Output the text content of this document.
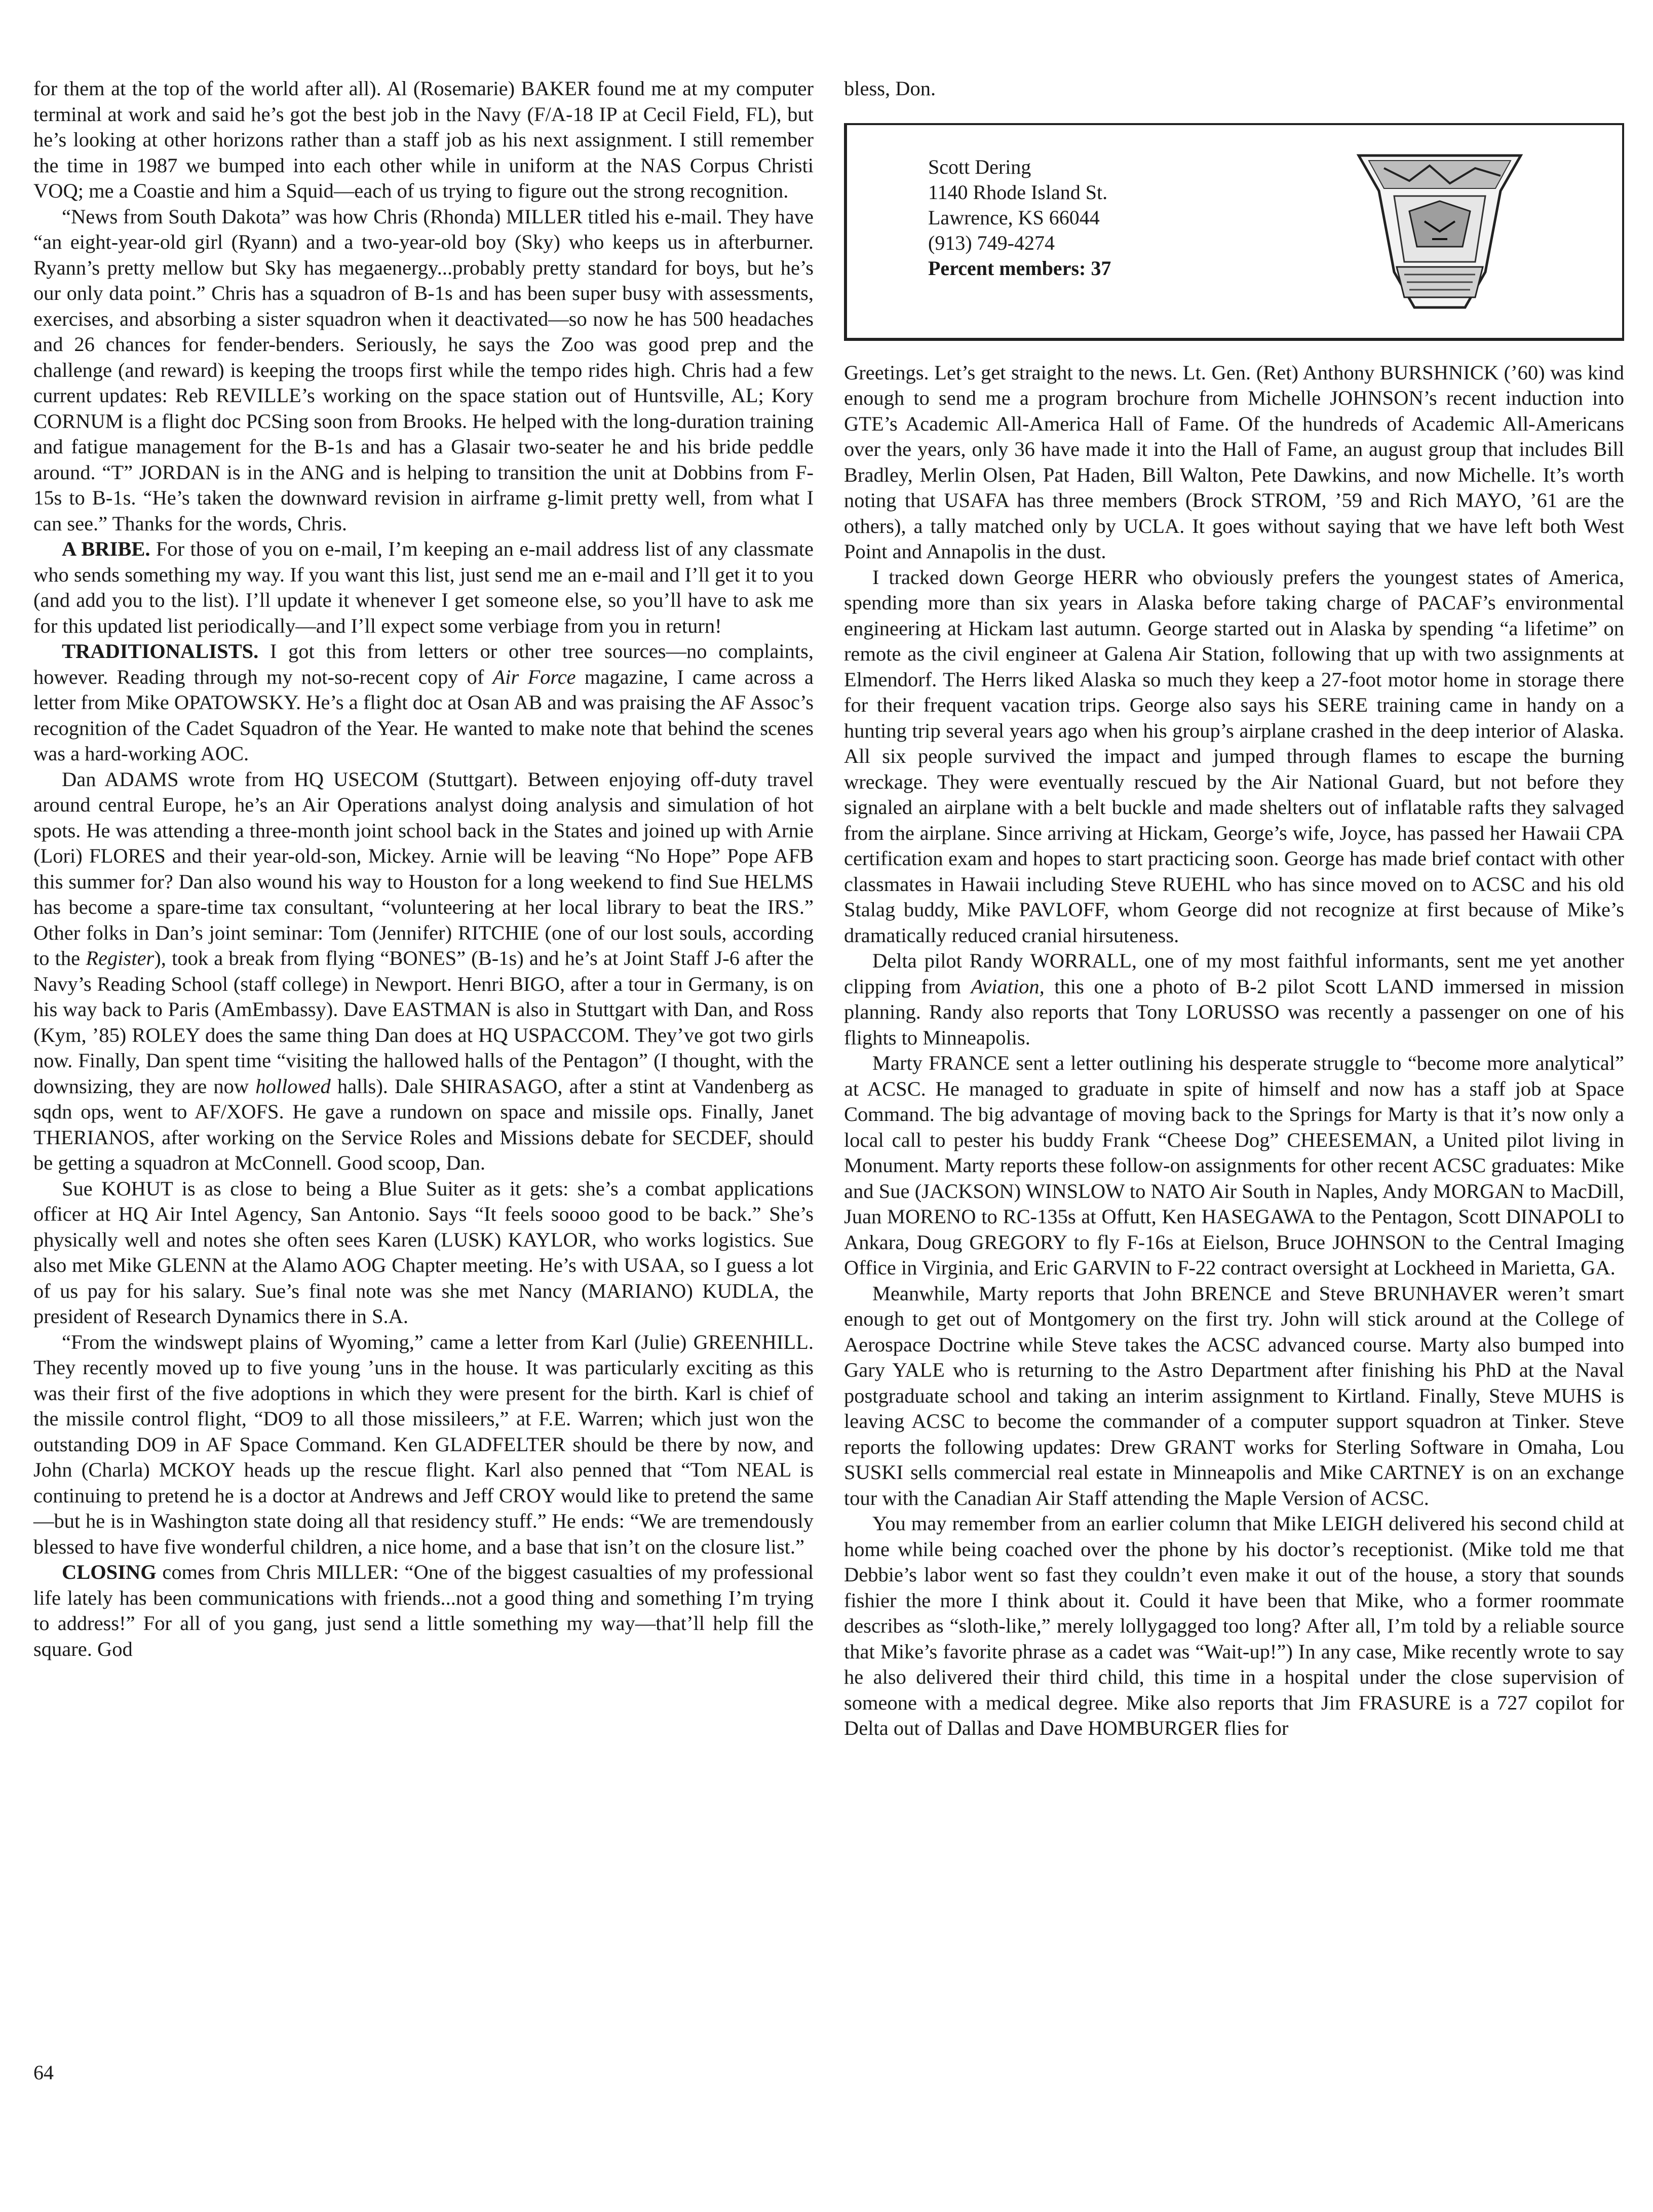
for them at the top of the world after all). Al (Rosemarie) BAKER found me at my computer terminal at work and said he’s got the best job in the Navy (F/A-18 IP at Cecil Field, FL), but he’s looking at other horizons rather than a staff job as his next assignment. I still remember the time in 1987 we bumped into each other while in uniform at the NAS Corpus Christi VOQ; me a Coastie and him a Squid—each of us trying to figure out the strong recognition.

“News from South Dakota” was how Chris (Rhonda) MILLER titled his e-mail. They have “an eight-year-old girl (Ryann) and a two-year-old boy (Sky) who keeps us in afterburner. Ryann’s pretty mellow but Sky has megaenergy...probably pretty standard for boys, but he’s our only data point.” Chris has a squadron of B-1s and has been super busy with assessments, exercises, and absorbing a sister squadron when it deactivated—so now he has 500 headaches and 26 chances for fender-benders. Seriously, he says the Zoo was good prep and the challenge (and reward) is keeping the troops first while the tempo rides high. Chris had a few current updates: Reb REVILLE’s working on the space station out of Huntsville, AL; Kory CORNUM is a flight doc PCSing soon from Brooks. He helped with the long-duration training and fatigue management for the B-1s and has a Glasair two-seater he and his bride peddle around. “T” JORDAN is in the ANG and is helping to transition the unit at Dobbins from F-15s to B-1s. “He’s taken the downward revision in airframe g-limit pretty well, from what I can see.” Thanks for the words, Chris.

A BRIBE. For those of you on e-mail, I’m keeping an e-mail address list of any classmate who sends something my way. If you want this list, just send me an e-mail and I’ll get it to you (and add you to the list). I’ll update it whenever I get someone else, so you’ll have to ask me for this updated list periodically—and I’ll expect some verbiage from you in return!

TRADITIONALISTS. I got this from letters or other tree sources—no complaints, however. Reading through my not-so-recent copy of Air Force magazine, I came across a letter from Mike OPATOWSKY. He’s a flight doc at Osan AB and was praising the AF Assoc’s recognition of the Cadet Squadron of the Year. He wanted to make note that behind the scenes was a hard-working AOC.

Dan ADAMS wrote from HQ USECOM (Stuttgart). Between enjoying off-duty travel around central Europe, he’s an Air Operations analyst doing analysis and simulation of hot spots. He was attending a three-month joint school back in the States and joined up with Arnie (Lori) FLORES and their year-old-son, Mickey. Arnie will be leaving “No Hope” Pope AFB this summer for? Dan also wound his way to Houston for a long weekend to find Sue HELMS has become a spare-time tax consultant, “volunteering at her local library to beat the IRS.” Other folks in Dan’s joint seminar: Tom (Jennifer) RITCHIE (one of our lost souls, according to the Register), took a break from flying “BONES” (B-1s) and he’s at Joint Staff J-6 after the Navy’s Reading School (staff college) in Newport. Henri BIGO, after a tour in Germany, is on his way back to Paris (AmEmbassy). Dave EASTMAN is also in Stuttgart with Dan, and Ross (Kym, ’85) ROLEY does the same thing Dan does at HQ USPACCOM. They’ve got two girls now. Finally, Dan spent time “visiting the hallowed halls of the Pentagon” (I thought, with the downsizing, they are now hollowed halls). Dale SHIRASAGO, after a stint at Vandenberg as sqdn ops, went to AF/XOFS. He gave a rundown on space and missile ops. Finally, Janet THERIANOS, after working on the Service Roles and Missions debate for SECDEF, should be getting a squadron at McConnell. Good scoop, Dan.

Sue KOHUT is as close to being a Blue Suiter as it gets: she’s a combat applications officer at HQ Air Intel Agency, San Antonio. Says “It feels soooo good to be back.” She’s physically well and notes she often sees Karen (LUSK) KAYLOR, who works logistics. Sue also met Mike GLENN at the Alamo AOG Chapter meeting. He’s with USAA, so I guess a lot of us pay for his salary. Sue’s final note was she met Nancy (MARIANO) KUDLA, the president of Research Dynamics there in S.A.

“From the windswept plains of Wyoming,” came a letter from Karl (Julie) GREENHILL. They recently moved up to five young ’uns in the house. It was particularly exciting as this was their first of the five adoptions in which they were present for the birth. Karl is chief of the missile control flight, “DO9 to all those missileers,” at F.E. Warren; which just won the outstanding DO9 in AF Space Command. Ken GLADFELTER should be there by now, and John (Charla) MCKOY heads up the rescue flight. Karl also penned that “Tom NEAL is continuing to pretend he is a doctor at Andrews and Jeff CROY would like to pretend the same—but he is in Washington state doing all that residency stuff.” He ends: “We are tremendously blessed to have five wonderful children, a nice home, and a base that isn’t on the closure list.”

CLOSING comes from Chris MILLER: “One of the biggest casualties of my professional life lately has been communications with friends...not a good thing and something I’m trying to address!” For all of you gang, just send a little something my way—that’ll help fill the square. God

bless, Don.

Scott Dering
1140 Rhode Island St.
Lawrence, KS 66044
(913) 749-4274
Percent members: 37

Greetings. Let’s get straight to the news. Lt. Gen. (Ret) Anthony BURSHNICK (’60) was kind enough to send me a program brochure from Michelle JOHNSON’s recent induction into GTE’s Academic All-America Hall of Fame. Of the hundreds of Academic All-Americans over the years, only 36 have made it into the Hall of Fame, an august group that includes Bill Bradley, Merlin Olsen, Pat Haden, Bill Walton, Pete Dawkins, and now Michelle. It’s worth noting that USAFA has three members (Brock STROM, ’59 and Rich MAYO, ’61 are the others), a tally matched only by UCLA. It goes without saying that we have left both West Point and Annapolis in the dust.

I tracked down George HERR who obviously prefers the youngest states of America, spending more than six years in Alaska before taking charge of PACAF’s environmental engineering at Hickam last autumn. George started out in Alaska by spending “a lifetime” on remote as the civil engineer at Galena Air Station, following that up with two assignments at Elmendorf. The Herrs liked Alaska so much they keep a 27-foot motor home in storage there for their frequent vacation trips. George also says his SERE training came in handy on a hunting trip several years ago when his group’s airplane crashed in the deep interior of Alaska. All six people survived the impact and jumped through flames to escape the burning wreckage. They were eventually rescued by the Air National Guard, but not before they signaled an airplane with a belt buckle and made shelters out of inflatable rafts they salvaged from the airplane. Since arriving at Hickam, George’s wife, Joyce, has passed her Hawaii CPA certification exam and hopes to start practicing soon. George has made brief contact with other classmates in Hawaii including Steve RUEHL who has since moved on to ACSC and his old Stalag buddy, Mike PAVLOFF, whom George did not recognize at first because of Mike’s dramatically reduced cranial hirsuteness.

Delta pilot Randy WORRALL, one of my most faithful informants, sent me yet another clipping from Aviation, this one a photo of B-2 pilot Scott LAND immersed in mission planning. Randy also reports that Tony LORUSSO was recently a passenger on one of his flights to Minneapolis.

Marty FRANCE sent a letter outlining his desperate struggle to “become more analytical” at ACSC. He managed to graduate in spite of himself and now has a staff job at Space Command. The big advantage of moving back to the Springs for Marty is that it’s now only a local call to pester his buddy Frank “Cheese Dog” CHEESEMAN, a United pilot living in Monument. Marty reports these follow-on assignments for other recent ACSC graduates: Mike and Sue (JACKSON) WINSLOW to NATO Air South in Naples, Andy MORGAN to MacDill, Juan MORENO to RC-135s at Offutt, Ken HASEGAWA to the Pentagon, Scott DINAPOLI to Ankara, Doug GREGORY to fly F-16s at Eielson, Bruce JOHNSON to the Central Imaging Office in Virginia, and Eric GARVIN to F-22 contract oversight at Lockheed in Marietta, GA.

Meanwhile, Marty reports that John BRENCE and Steve BRUNHAVER weren’t smart enough to get out of Montgomery on the first try. John will stick around at the College of Aerospace Doctrine while Steve takes the ACSC advanced course. Marty also bumped into Gary YALE who is returning to the Astro Department after finishing his PhD at the Naval postgraduate school and taking an interim assignment to Kirtland. Finally, Steve MUHS is leaving ACSC to become the commander of a computer support squadron at Tinker. Steve reports the following updates: Drew GRANT works for Sterling Software in Omaha, Lou SUSKI sells commercial real estate in Minneapolis and Mike CARTNEY is on an exchange tour with the Canadian Air Staff attending the Maple Version of ACSC.

You may remember from an earlier column that Mike LEIGH delivered his second child at home while being coached over the phone by his doctor’s receptionist. (Mike told me that Debbie’s labor went so fast they couldn’t even make it out of the house, a story that sounds fishier the more I think about it. Could it have been that Mike, who a former roommate describes as “sloth-like,” merely lollygagged too long? After all, I’m told by a reliable source that Mike’s favorite phrase as a cadet was “Wait-up!”) In any case, Mike recently wrote to say he also delivered their third child, this time in a hospital under the close supervision of someone with a medical degree. Mike also reports that Jim FRASURE is a 727 copilot for Delta out of Dallas and Dave HOMBURGER flies for

64
